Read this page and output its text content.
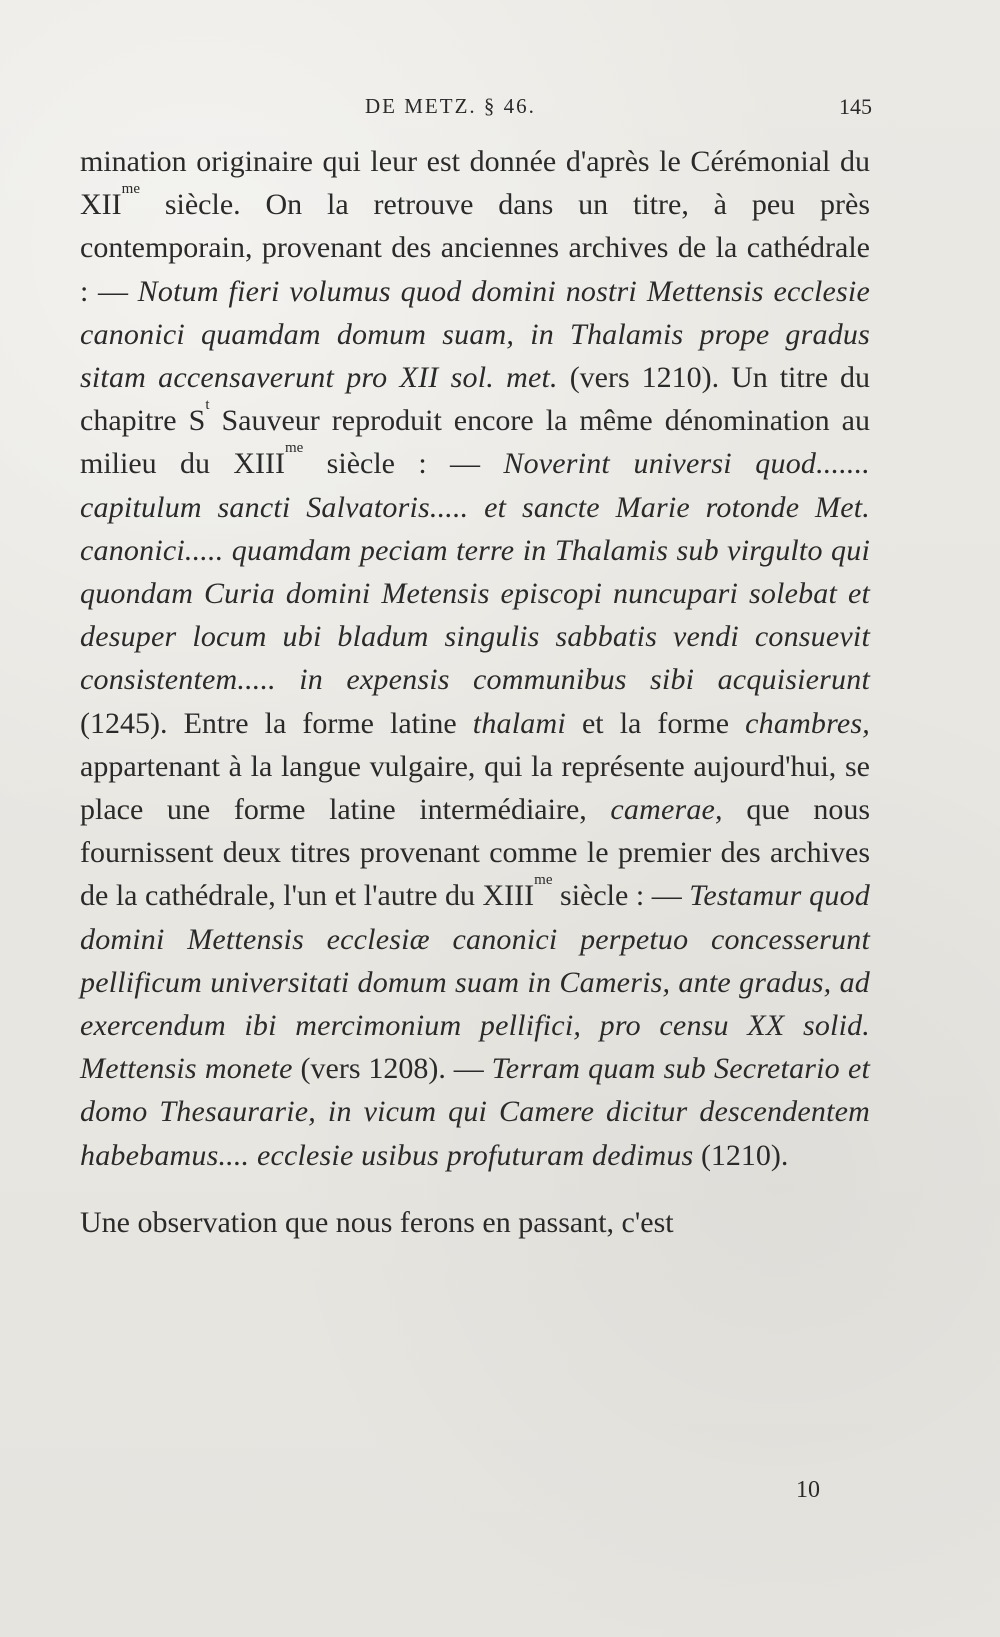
DE METZ. § 46.	145

mination originaire qui leur est donnée d'après le Cérémonial du $XII^{me}$ siècle. On la retrouve dans un titre, à peu près contemporain, provenant des anciennes archives de la cathédrale : — Notum fieri volumus quod domini nostri Mettensis ecclesie canonici quamdam domum suam, in Thalamis prope gradus sitam accensaverunt pro XII sol. met. (vers 1210). Un titre du chapitre $S^t$ Sauveur reproduit encore la même dénomination au milieu du $XIII^{me}$ siècle : — Noverint universi quod....... capitulum sancti Salvatoris..... et sancte Marie rotonde Met. canonici..... quamdam peciam terre in Thalamis sub virgulto qui quondam Curia domini Metensis episcopi nuncupari solebat et desuper locum ubi bladum singulis sabbatis vendi consuevit consistentem..... in expensis communibus sibi acquisierunt (1245). Entre la forme latine thalami et la forme chambres, appartenant à la langue vulgaire, qui la représente aujourd'hui, se place une forme latine intermédiaire, camerae, que nous fournissent deux titres provenant comme le premier des archives de la cathédrale, l'un et l'autre du $XIII^{me}$ siècle : — Testamur quod domini Mettensis ecclesiæ canonici perpetuo concesserunt pellificum universitati domum suam in Cameris, ante gradus, ad exercendum ibi mercimonium pellifici, pro censu XX solid. Mettensis monete (vers 1208). — Terram quam sub Secretario et domo Thesaurarie, in vicum qui Camere dicitur descendentem habebamus.... ecclesie usibus profuturam dedimus (1210).

Une observation que nous ferons en passant, c'est

10
